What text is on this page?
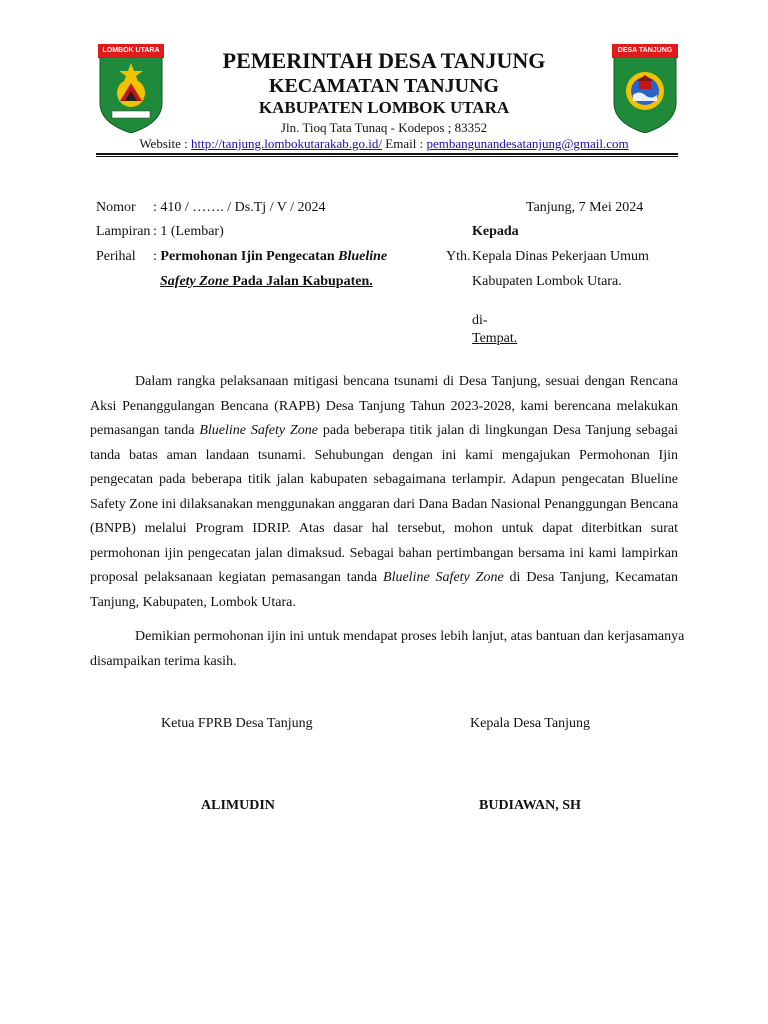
LOMBOK UTARA	DESA TANJUNG
PEMERINTAH DESA TANJUNG
KECAMATAN TANJUNG
KABUPATEN LOMBOK UTARA
Jln. Tioq Tata Tunaq - Kodepos ; 83352
Website : http://tanjung.lombokutarakab.go.id/ Email : pembangunandesatanjung@gmail.com
Nomor : 410 / ……. / Ds.Tj / V / 2024	Tanjung, 7 Mei 2024
Lampiran : 1 (Lembar)	Kepada
Perihal : Permohonan Ijin Pengecatan Blueline	Yth. Kepala Dinas Pekerjaan Umum
Safety Zone Pada Jalan Kabupaten.	Kabupaten Lombok Utara.
di-
Tempat.
Dalam rangka pelaksanaan mitigasi bencana tsunami di Desa Tanjung, sesuai dengan Rencana
Aksi Penanggulangan Bencana (RAPB) Desa Tanjung Tahun 2023-2028, kami berencana melakukan
pemasangan tanda Blueline Safety Zone pada beberapa titik jalan di lingkungan Desa Tanjung sebagai
tanda batas aman landaan tsunami. Sehubungan dengan ini kami mengajukan Permohonan Ijin
pengecatan pada beberapa titik jalan kabupaten sebagaimana terlampir. Adapun pengecatan Blueline
Safety Zone ini dilaksanakan menggunakan anggaran dari Dana Badan Nasional Penanggungan Bencana
(BNPB) melalui Program IDRIP. Atas dasar hal tersebut, mohon untuk dapat diterbitkan surat
permohonan ijin pengecatan jalan dimaksud. Sebagai bahan pertimbangan bersama ini kami lampirkan
proposal pelaksanaan kegiatan pemasangan tanda Blueline Safety Zone di Desa Tanjung, Kecamatan
Tanjung, Kabupaten, Lombok Utara.
Demikian permohonan ijin ini untuk mendapat proses lebih lanjut, atas bantuan dan kerjasamanya
disampaikan terima kasih.
Ketua FPRB Desa Tanjung	Kepala Desa Tanjung
ALIMUDIN	BUDIAWAN, SH
